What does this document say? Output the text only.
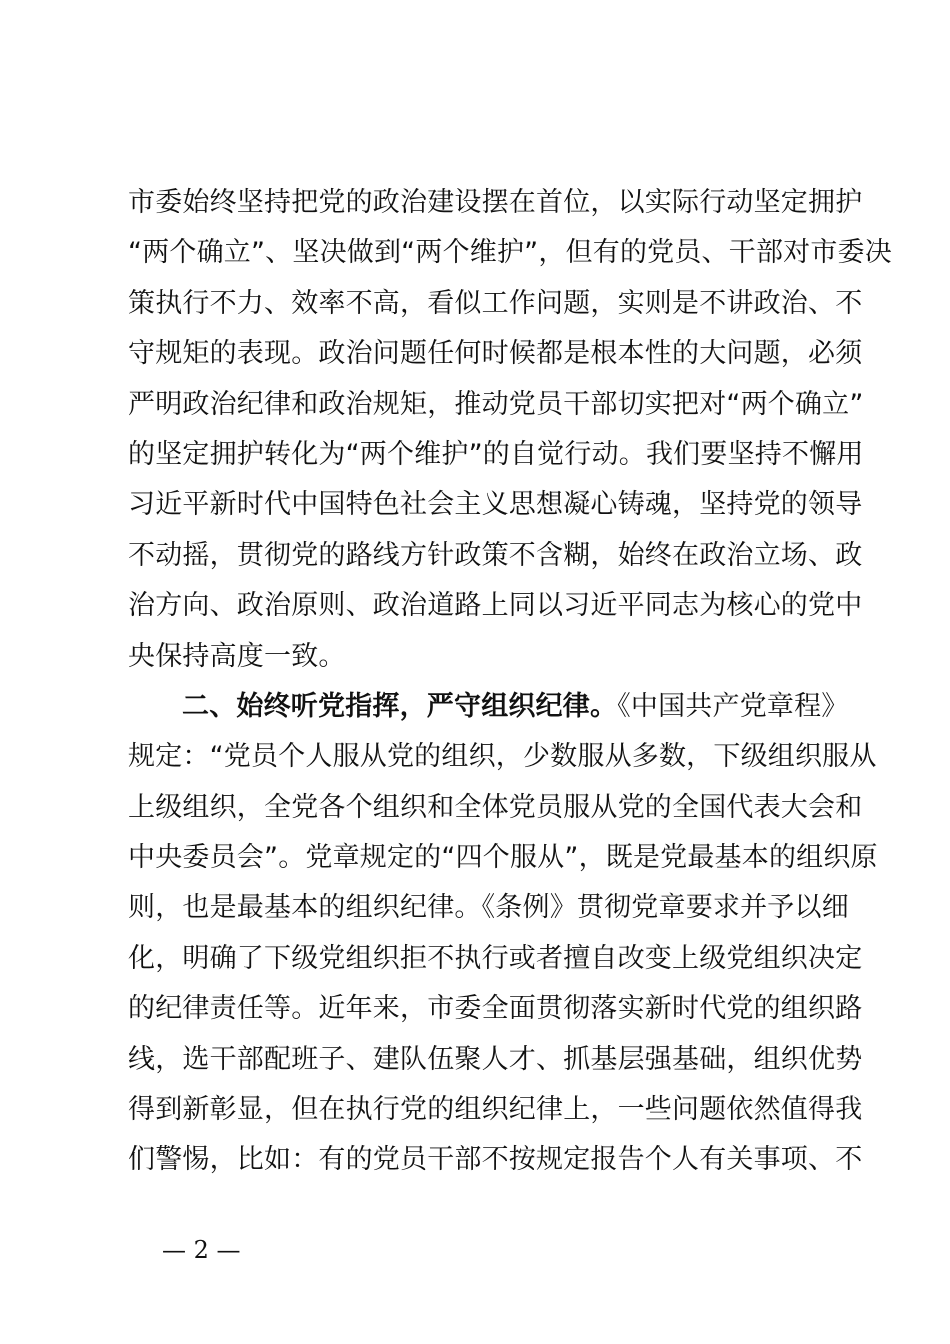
市委始终坚持把党的政治建设摆在首位，以实际行动坚定拥护
“两个确立”、坚决做到“两个维护”，但有的党员、干部对市委决
策执行不力、效率不高，看似工作问题，实则是不讲政治、不
守规矩的表现。政治问题任何时候都是根本性的大问题，必须
严明政治纪律和政治规矩，推动党员干部切实把对“两个确立”
的坚定拥护转化为“两个维护”的自觉行动。我们要坚持不懈用
习近平新时代中国特色社会主义思想凝心铸魂，坚持党的领导
不动摇，贯彻党的路线方针政策不含糊，始终在政治立场、政
治方向、政治原则、政治道路上同以习近平同志为核心的党中
央保持高度一致。
二、始终听党指挥，严守组织纪律。《中国共产党章程》
规定：“党员个人服从党的组织，少数服从多数，下级组织服从
上级组织，全党各个组织和全体党员服从党的全国代表大会和
中央委员会”。党章规定的“四个服从”，既是党最基本的组织原
则，也是最基本的组织纪律。《条例》贯彻党章要求并予以细
化，明确了下级党组织拒不执行或者擅自改变上级党组织决定
的纪律责任等。近年来，市委全面贯彻落实新时代党的组织路
线，选干部配班子、建队伍聚人才、抓基层强基础，组织优势
得到新彰显，但在执行党的组织纪律上，一些问题依然值得我
们警惕，比如：有的党员干部不按规定报告个人有关事项、不
— 2 —
